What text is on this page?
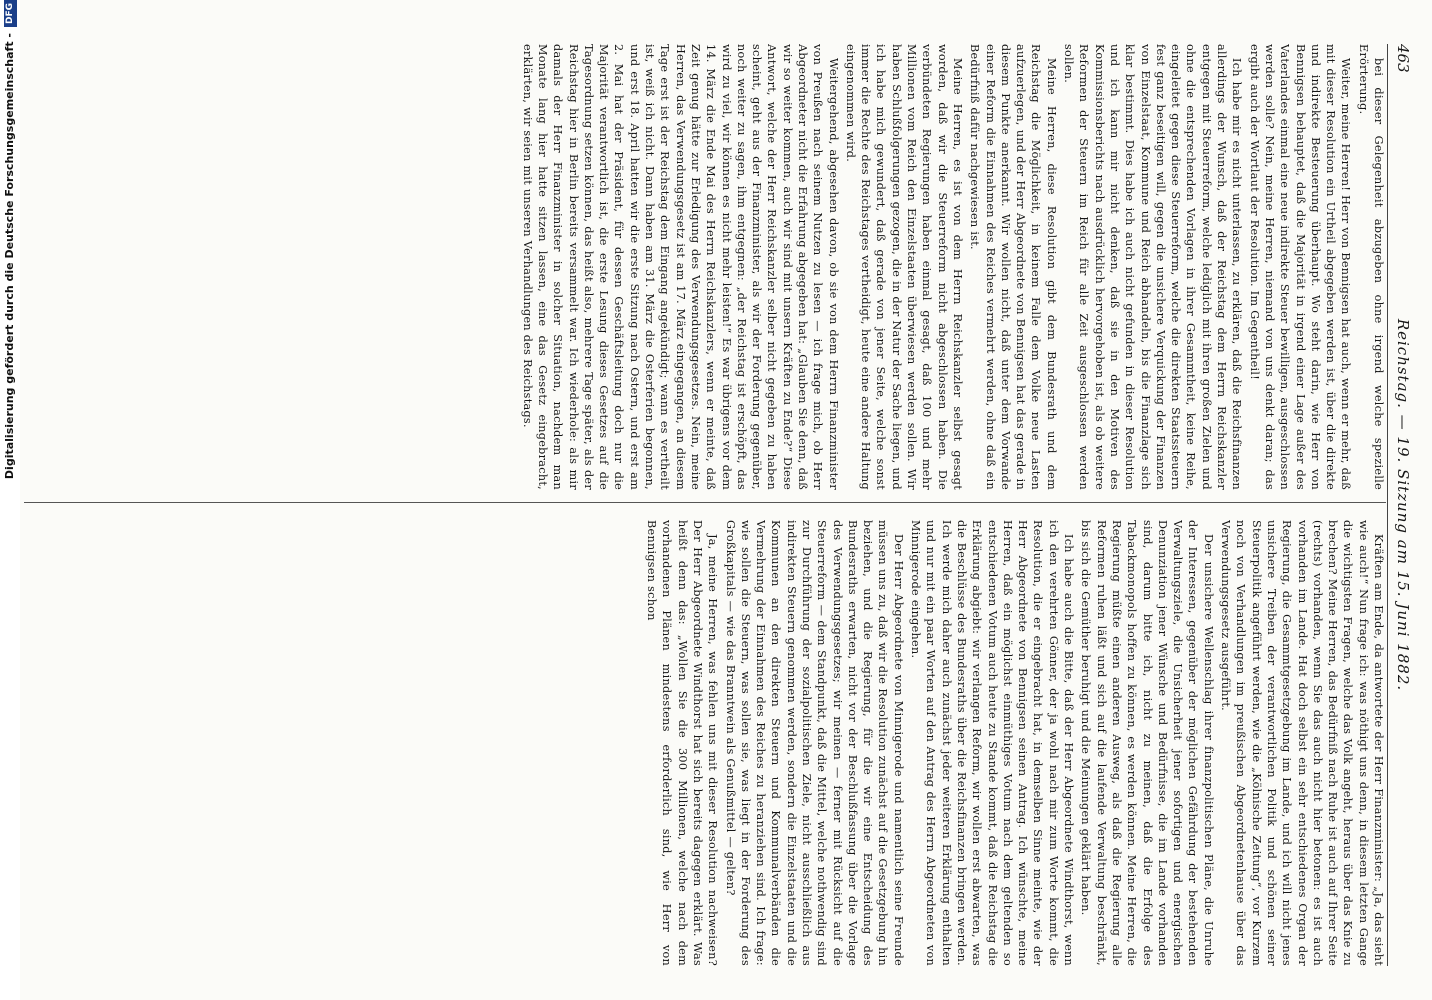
Reichstag. — 19. Sitzung am 15. Juni 1882.
463

bei dieser Gelegenheit abzugeben ohne irgend welche spezielle Erörterung.

Weiter, meine Herren! Herr von Bennigsen hat auch, wenn er mehr, daß mit dieser Resolution ein Urtheil abgegeben werden ist, über die direkte und indirekte Besteuerung überhaupt. Wo steht darin, wie Herr von Bennigsen behauptet, daß die Majorität in irgend einer Lage außer des Vaterlandes einmal eine neue indirekte Steuer bewilligen, ausgeschlossen werden solle? Nein, meine Herren, niemand von uns denkt daran; das ergibt auch der Wortlaut der Resolution. Im Gegentheil!

Ich habe mir es nicht unterlassen, zu erklären, daß die Reichsfinanzen allerdings der Wunsch, daß der Reichstag dem Herrn Reichskanzler entgegen mit Steuerreform, welche lediglich mit ihren großen Zielen und ohne die entsprechenden Vorlagen in ihrer Gesammtheit, keine Reihe, eingeleitet gegen diese Steuerreform, welche die direkten Staatssteuern fest ganz beseitigen will, gegen die unsichere Verquickung der Finanzen von Einzelstaat, Kommune und Reich abhandeln, bis die Finanzlage sich klar bestimmt. Dies habe ich auch nicht gefunden in dieser Resolution und ich kann mir nicht denken, daß sie in den Motiven des Kommissionsberichts nach ausdrücklich hervorgehoben ist, als ob weitere Reformen der Steuern im Reich für alle Zeit ausgeschlossen werden sollen.

Meine Herren, diese Resolution gibt dem Bundesrath und dem Reichstag die Möglichkeit, in keinem Falle dem Volke neue Lasten aufzuerlegen, und der Herr Abgeordnete von Bennigsen hat das gerade in diesem Punkte anerkannt. Wir wollen nicht, daß unter dem Vorwande einer Reform die Einnahmen des Reiches vermehrt werden, ohne daß ein Bedürfniß dafür nachgewiesen ist.

Meine Herren, es ist von dem Herrn Reichskanzler selbst gesagt worden, daß wir die Steuerreform nicht abgeschlossen haben. Die verbündeten Regierungen haben einmal gesagt, daß 100 und mehr Millionen vom Reich den Einzelstaaten überwiesen werden sollen. Wir haben Schlußfolgerungen gezogen, die in der Natur der Sache liegen, und ich habe mich gewundert, daß gerade von jener Seite, welche sonst immer die Rechte des Reichstages vertheidigt, heute eine andere Haltung eingenommen wird.

Weitergehend, abgesehen davon, ob sie von dem Herrn Finanzminister von Preußen nach seinem Nutzen zu lesen — ich frage mich, ob Herr Abgeordneter nicht die Erfahrung abgegeben hat: „Glauben Sie denn, daß wir so weiter kommen, auch wir sind mit unsern Kräften zu Ende?“ Diese Antwort, welche der Herr Reichskanzler selber nicht gegeben zu haben scheint, geht aus der Finanzminister, als wir der Forderung gegenüber, noch weiter zu sagen, ihm entgegnen: „der Reichstag ist erschöpft, das wird zu viel, wir können es nicht mehr leisten!“ Es war übrigens vor dem 14. März die Ende Mai des Herrn Reichskanzlers, wenn er meinte, daß Zeit genug hätte zur Erledigung des Verwendungsgesetzes. Nein, meine Herren, das Verwendungsgesetz ist am 17. März eingegangen, an diesem Tage erst ist der Reichstag dem Eingang angekündigt; wann es vertheilt ist, weiß ich nicht. Dann haben am 31. März die Osterferien begonnen, und erst 18. April hatten wir die erste Sitzung nach Ostern, und erst am 2. Mai hat der Präsident, für dessen Geschäftsleitung doch nur die Majorität verantwortlich ist, die erste Lesung dieses Gesetzes auf die Tagesordnung setzen können, das heißt also, mehrere Tage später, als der Reichstag hier in Berlin bereits versammelt war. Ich wiederhole: als mir damals der Herr Finanzminister in solcher Situation, nachdem man Monate lang hier hatte sitzen lassen, eine das Gesetz eingebracht, erklärten, wir seien mit unseren Verhandlungen des Reichstags.

Kräften am Ende, da antwortete der Herr Finanzminister: „Ja, das sieht wie auch!“ Nun frage ich: was nöthigt uns denn, in diesem letzten Gange die wichtigsten Fragen, welche das Volk angeht, heraus über das Knie zu brechen? Meine Herren, das Bedürfniß nach Ruhe ist auch auf Ihrer Seite (rechts) vorhanden, wenn Sie das auch nicht hier betonen: es ist auch vorhanden im Lande. Hat doch selbst ein sehr entschiedenes Organ der Regierung, die Gesammtgesetzgebung im Lande, und ich will nicht jenes unsichere Treiben der verantwortlichen Politik und schönen seiner Steuerpolitik angeführt werden, wie die „Kölnische Zeitung“, vor Kurzem noch von Verhandlungen im preußischen Abgeordnetenhause über das Verwendungsgesetz ausgeführt.

Der unsichere Wellenschlag ihrer finanzpolitischen Pläne, die Unruhe der Interessen, gegenüber der möglichen Gefährdung der bestehenden Verwaltungsziele, die Unsicherheit jener sofortigen und energischen Denunziation jener Wünsche und Bedürfnisse, die im Lande vorhanden sind, darum bitte ich, nicht zu meinen, daß die Erfolge des Tabackmonopols hoffen zu können, es werden können. Meine Herren, die Regierung müßte einen anderen Ausweg, als daß die Regierung alle Reformen ruhen läßt und sich auf die laufende Verwaltung beschränkt, bis sich die Gemüther beruhigt und die Meinungen geklärt haben.

Ich habe auch die Bitte, daß der Herr Abgeordnete Windthorst, wenn ich den verehrten Gönner, der ja wohl nach mir zum Worte kommt, die Resolution, die er eingebracht hat, in demselben Sinne meinte, wie der Herr Abgeordnete von Bennigsen seinen Antrag. Ich wünschte, meine Herren, daß ein möglichst einmüthiges Votum nach dem geltenden so entschiedenen Votum auch heute zu Stande kommt, daß die Reichstag die Erklärung abgiebt: wir verlangen Reform, wir wollen erst abwarten, was die Beschlüsse des Bundesraths über die Reichsfinanzen bringen werden. Ich werde mich daher auch zunächst jeder weiteren Erklärung enthalten und nur mit ein paar Worten auf den Antrag des Herrn Abgeordneten von Minnigerode eingehen.

Der Herr Abgeordnete von Minnigerode und namentlich seine Freunde müssen uns zu, daß wir die Resolution zunächst auf die Gesetzgebung hin beziehen, und die Regierung, für die wir eine Entscheidung des Bundesraths erwarten, nicht vor der Beschlußfassung über die Vorlage des Verwendungsgesetzes; wir meinen — ferner mit Rücksicht auf die Steuerreform — dem Standpunkt, daß die Mittel, welche nothwendig sind zur Durchführung der sozialpolitischen Ziele, nicht ausschließlich aus indirekten Steuern genommen werden, sondern die Einzelstaaten und die Kommunen an den direkten Steuern und Kommunalverbänden die Vermehrung der Einnahmen des Reiches zu heranziehen sind. Ich frage: wie sollen die Steuern, was sollen sie, was liegt in der Forderung des Großkapitals — wie das Branntwein als Genußmittel — gelten?

Ja, meine Herren, was fehlen uns mit dieser Resolution nachweisen? Der Herr Abgeordnete Windthorst hat sich bereits dagegen erklärt. Was heißt denn das: „Wollen Sie die 300 Millionen, welche nach dem vorhandenen Plänen mindestens erforderlich sind, wie Herr von Bennigsen schon

Digitalisierung gefördert durch die Deutsche Forschungsgemeinschaft -
DFG
